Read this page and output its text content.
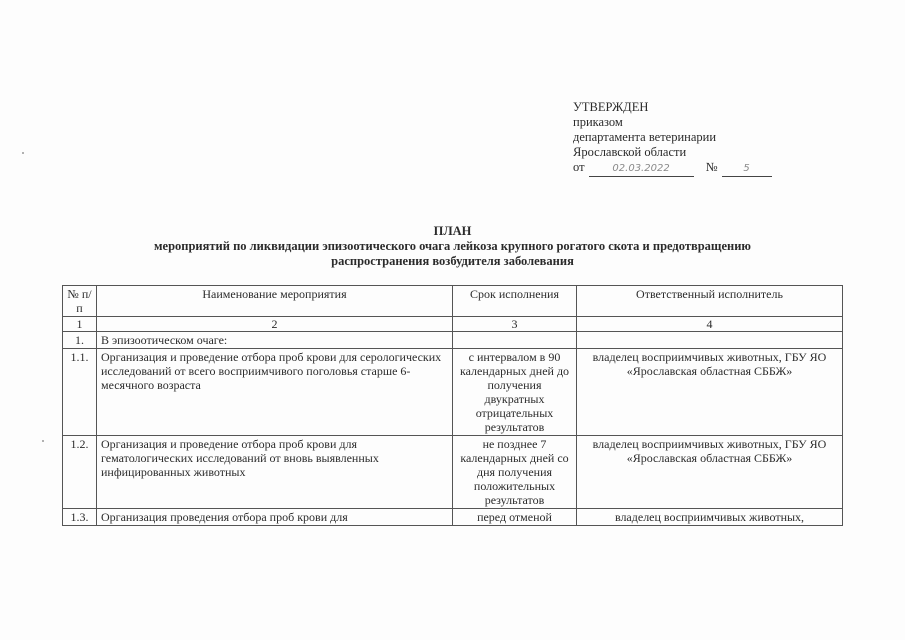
УТВЕРЖДЕН
приказом
департамента ветеринарии
Ярославской области
от	02.03.2022	№	5
ПЛАН
мероприятий по ликвидации эпизоотического очага лейкоза крупного рогатого скота и предотвращению
распространения возбудителя заболевания
№ п/п	Наименование мероприятия	Срок исполнения	Ответственный исполнитель
1	2	3	4
1.	В эпизоотическом очаге:		
1.1.	Организация и проведение отбора проб крови для серологических исследований от всего восприимчивого поголовья старше 6-месячного возраста	с интервалом в 90 календарных дней до получения двукратных отрицательных результатов	владелец восприимчивых животных, ГБУ ЯО «Ярославская областная СББЖ»
1.2.	Организация и проведение отбора проб крови для гематологических исследований от вновь выявленных инфицированных животных	не позднее 7 календарных дней со дня получения положительных результатов	владелец восприимчивых животных, ГБУ ЯО «Ярославская областная СББЖ»
1.3.	Организация проведения отбора проб крови для	перед отменой	владелец восприимчивых животных,
